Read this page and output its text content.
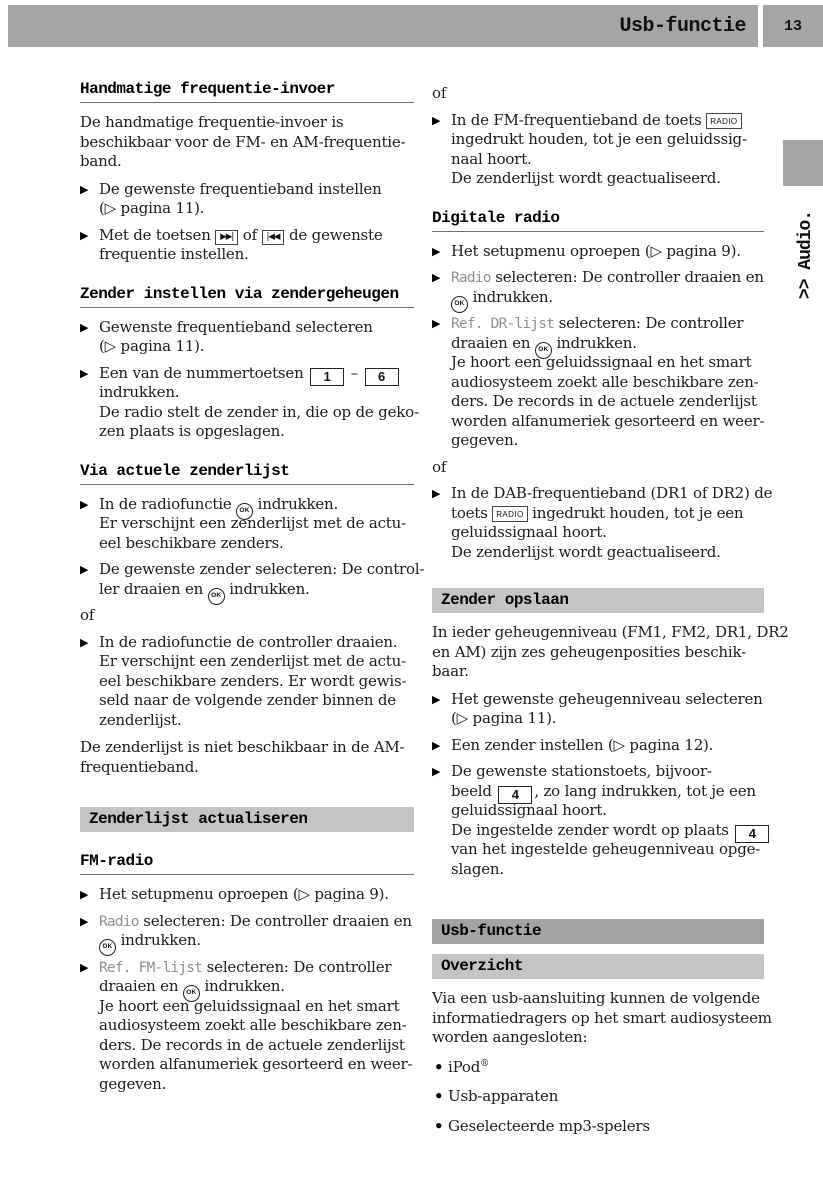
Usb-functie	13
>> Audio.
Handmatige frequentie-invoer
De handmatige frequentie-invoer is
beschikbaar voor de FM- en AM-frequentie-
band.
▶ De gewenste frequentieband instellen
(▷ pagina 11).
▶ Met de toetsen ▶▶| of |◀◀ de gewenste
frequentie instellen.
Zender instellen via zendergeheugen
▶ Gewenste frequentieband selecteren
(▷ pagina 11).
▶ Een van de nummertoetsen 1 – 6
indrukken.
De radio stelt de zender in, die op de geko-
zen plaats is opgeslagen.
Via actuele zenderlijst
▶ In de radiofunctie OK indrukken.
Er verschijnt een zenderlijst met de actu-
eel beschikbare zenders.
▶ De gewenste zender selecteren: De control-
ler draaien en OK indrukken.
of
▶ In de radiofunctie de controller draaien.
Er verschijnt een zenderlijst met de actu-
eel beschikbare zenders. Er wordt gewis-
seld naar de volgende zender binnen de
zenderlijst.
De zenderlijst is niet beschikbaar in de AM-
frequentieband.
Zenderlijst actualiseren
FM-radio
▶ Het setupmenu oproepen (▷ pagina 9).
▶ Radio selecteren: De controller draaien en
OK indrukken.
▶ Ref. FM-lijst selecteren: De controller
draaien en OK indrukken.
Je hoort een geluidssignaal en het smart
audiosysteem zoekt alle beschikbare zen-
ders. De records in de actuele zenderlijst
worden alfanumeriek gesorteerd en weer-
gegeven.
of
▶ In de FM-frequentieband de toets RADIO
ingedrukt houden, tot je een geluidssig-
naal hoort.
De zenderlijst wordt geactualiseerd.
Digitale radio
▶ Het setupmenu oproepen (▷ pagina 9).
▶ Radio selecteren: De controller draaien en
OK indrukken.
▶ Ref. DR-lijst selecteren: De controller
draaien en OK indrukken.
Je hoort een geluidssignaal en het smart
audiosysteem zoekt alle beschikbare zen-
ders. De records in de actuele zenderlijst
worden alfanumeriek gesorteerd en weer-
gegeven.
of
▶ In de DAB-frequentieband (DR1 of DR2) de
toets RADIO ingedrukt houden, tot je een
geluidssignaal hoort.
De zenderlijst wordt geactualiseerd.
Zender opslaan
In ieder geheugenniveau (FM1, FM2, DR1, DR2
en AM) zijn zes geheugenposities beschik-
baar.
▶ Het gewenste geheugenniveau selecteren
(▷ pagina 11).
▶ Een zender instellen (▷ pagina 12).
▶ De gewenste stationstoets, bijvoor-
beeld 4 , zo lang indrukken, tot je een
geluidssignaal hoort.
De ingestelde zender wordt op plaats 4
van het ingestelde geheugenniveau opge-
slagen.
Usb-functie
Overzicht
Via een usb-aansluiting kunnen de volgende
informatiedragers op het smart audiosysteem
worden aangesloten:
• iPod®
• Usb-apparaten
• Geselecteerde mp3-spelers
